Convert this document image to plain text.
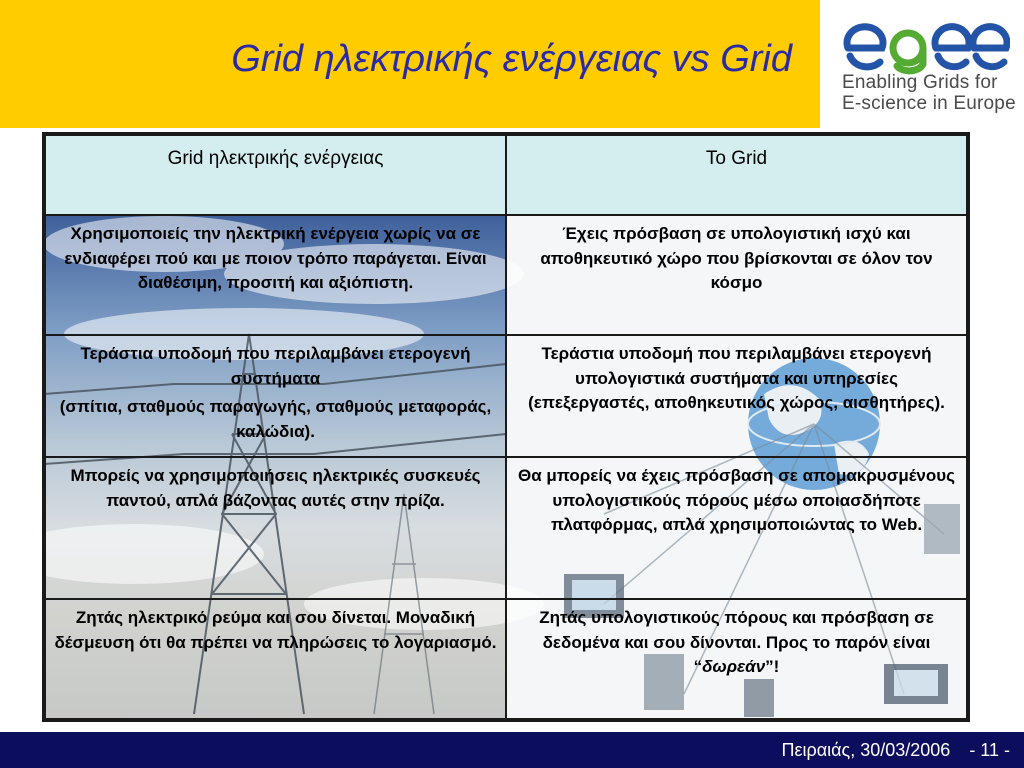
Grid ηλεκτρικής ενέργειας vs Grid
Enabling Grids for
E-science in Europe
Grid ηλεκτρικής ενέργειας	Το Grid
Χρησιμοποιείς την ηλεκτρική ενέργεια χωρίς να σε ενδιαφέρει πού και με ποιον τρόπο παράγεται. Είναι διαθέσιμη, προσιτή και αξιόπιστη.	Έχεις πρόσβαση σε υπολογιστική ισχύ και αποθηκευτικό χώρο που βρίσκονται σε όλον τον κόσμο
Τεράστια υποδομή που περιλαμβάνει ετερογενή συστήματα
(σπίτια, σταθμούς παραγωγής, σταθμούς μεταφοράς, καλώδια).	Τεράστια υποδομή που περιλαμβάνει ετερογενή υπολογιστικά συστήματα και υπηρεσίες (επεξεργαστές, αποθηκευτικός χώρος, αισθητήρες).
Μπορείς να χρησιμοποιήσεις ηλεκτρικές συσκευές παντού, απλά βάζοντας αυτές στην πρίζα.	Θα μπορείς να έχεις πρόσβαση σε απομακρυσμένους υπολογιστικούς πόρους μέσω οποιασδήποτε πλατφόρμας, απλά χρησιμοποιώντας το Web.
Ζητάς ηλεκτρικό ρεύμα και σου δίνεται. Μοναδική δέσμευση ότι θα πρέπει να πληρώσεις το λογαριασμό.	Ζητάς υπολογιστικούς πόρους και πρόσβαση σε δεδομένα και σου δίνονται. Προς το παρόν είναι “δωρεάν”!
Πειραιάς, 30/03/2006 - 11 -
